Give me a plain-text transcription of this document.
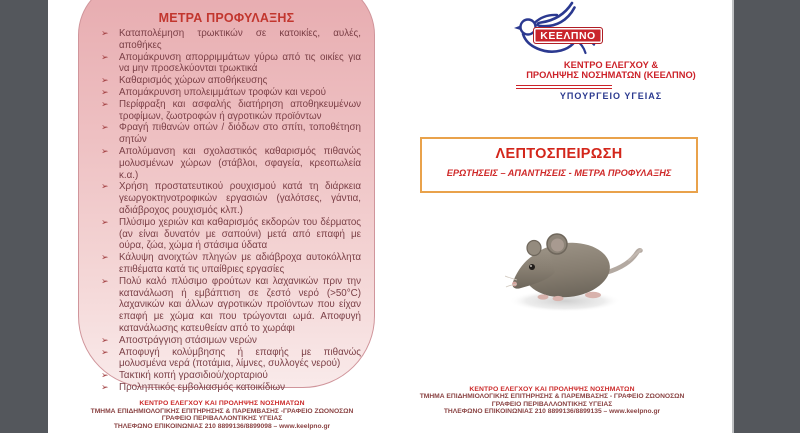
ΜΕΤΡΑ ΠΡΟΦΥΛΑΞΗΣ
➢ Καταπολέμηση τρωκτικών σε κατοικίες, αυλές, αποθήκες
➢ Απομάκρυνση απορριμμάτων γύρω από τις οικίες για να μην προσελκύονται τρωκτικά
➢ Καθαρισμός χώρων αποθήκευσης
➢ Απομάκρυνση υπολειμμάτων τροφών και νερού
➢ Περίφραξη και ασφαλής διατήρηση αποθηκευμένων τροφίμων, ζωοτροφών ή αγροτικών προϊόντων
➢ Φραγή πιθανών οπών / διόδων στο σπίτι, τοποθέτηση σητών
➢ Απολύμανση και σχολαστικός καθαρισμός πιθανώς μολυσμένων χώρων (στάβλοι, σφαγεία, κρεοπωλεία κ.α.)
➢ Χρήση προστατευτικού ρουχισμού κατά τη διάρκεια γεωργοκτηνοτροφικών εργασιών (γαλότσες, γάντια, αδιάβροχος ρουχισμός κλπ.)
➢ Πλύσιμο χεριών και καθαρισμός εκδορών του δέρματος (αν είναι δυνατόν με σαπούνι) μετά από επαφή με ούρα, ζώα, χώμα ή στάσιμα ύδατα
➢ Κάλυψη ανοιχτών πληγών με αδιάβροχα αυτοκόλλητα επιθέματα κατά τις υπαίθριες εργασίες
➢ Πολύ καλό πλύσιμο φρούτων και λαχανικών πριν την κατανάλωση ή εμβάπτιση σε ζεστό νερό (>50°C) λαχανικών και άλλων αγροτικών προϊόντων που είχαν επαφή με χώμα και που τρώγονται ωμά. Αποφυγή κατανάλωσης κατευθείαν από το χωράφι
➢ Αποστράγγιση στάσιμων νερών
➢ Αποφυγή κολύμβησης ή επαφής με πιθανώς μολυσμένα νερά (ποτάμια, λίμνες, συλλογές νερού)
➢ Τακτική κοπή γρασιδιού/χορταριού
➢ Προληπτικός εμβολιασμός κατοικίδιων
ΚΕΝΤΡΟ ΕΛΕΓΧΟΥ ΚΑΙ ΠΡΟΛΗΨΗΣ ΝΟΣΗΜΑΤΩΝ
ΤΜΗΜΑ ΕΠΙΔΗΜΙΟΛΟΓΙΚΗΣ ΕΠΙΤΗΡΗΣΗΣ & ΠΑΡΕΜΒΑΣΗΣ -ΓΡΑΦΕΙΟ ΖΩΟΝΟΣΩΝ
ΓΡΑΦΕΙΟ ΠΕΡΙΒΑΛΛΟΝΤΙΚΗΣ ΥΓΕΙΑΣ
ΤΗΛΕΦΩΝΟ ΕΠΙΚΟΙΝΩΝΙΑΣ 210 8899136/8899098 – www.keelpno.gr
ΚΕΕΛΠΝΟ
ΚΕΝΤΡΟ ΕΛΕΓΧΟΥ &
ΠΡΟΛΗΨΗΣ ΝΟΣΗΜΑΤΩΝ (ΚΕΕΛΠΝΟ)
ΥΠΟΥΡΓΕΙΟ ΥΓΕΙΑΣ
ΛΕΠΤΟΣΠΕΙΡΩΣΗ
ΕΡΩΤΗΣΕΙΣ – ΑΠΑΝΤΗΣΕΙΣ - ΜΕΤΡΑ ΠΡΟΦΥΛΑΞΗΣ
ΚΕΝΤΡΟ ΕΛΕΓΧΟΥ ΚΑΙ ΠΡΟΛΗΨΗΣ ΝΟΣΗΜΑΤΩΝ
ΤΜΗΜΑ ΕΠΙΔΗΜΙΟΛΟΓΙΚΗΣ ΕΠΙΤΗΡΗΣΗΣ & ΠΑΡΕΜΒΑΣΗΣ - ΓΡΑΦΕΙΟ ΖΩΟΝΟΣΩΝ
ΓΡΑΦΕΙΟ ΠΕΡΙΒΑΛΛΟΝΤΙΚΗΣ ΥΓΕΙΑΣ
ΤΗΛΕΦΩΝΟ ΕΠΙΚΟΙΝΩΝΙΑΣ 210 8899136/8899135 – www.keelpno.gr
